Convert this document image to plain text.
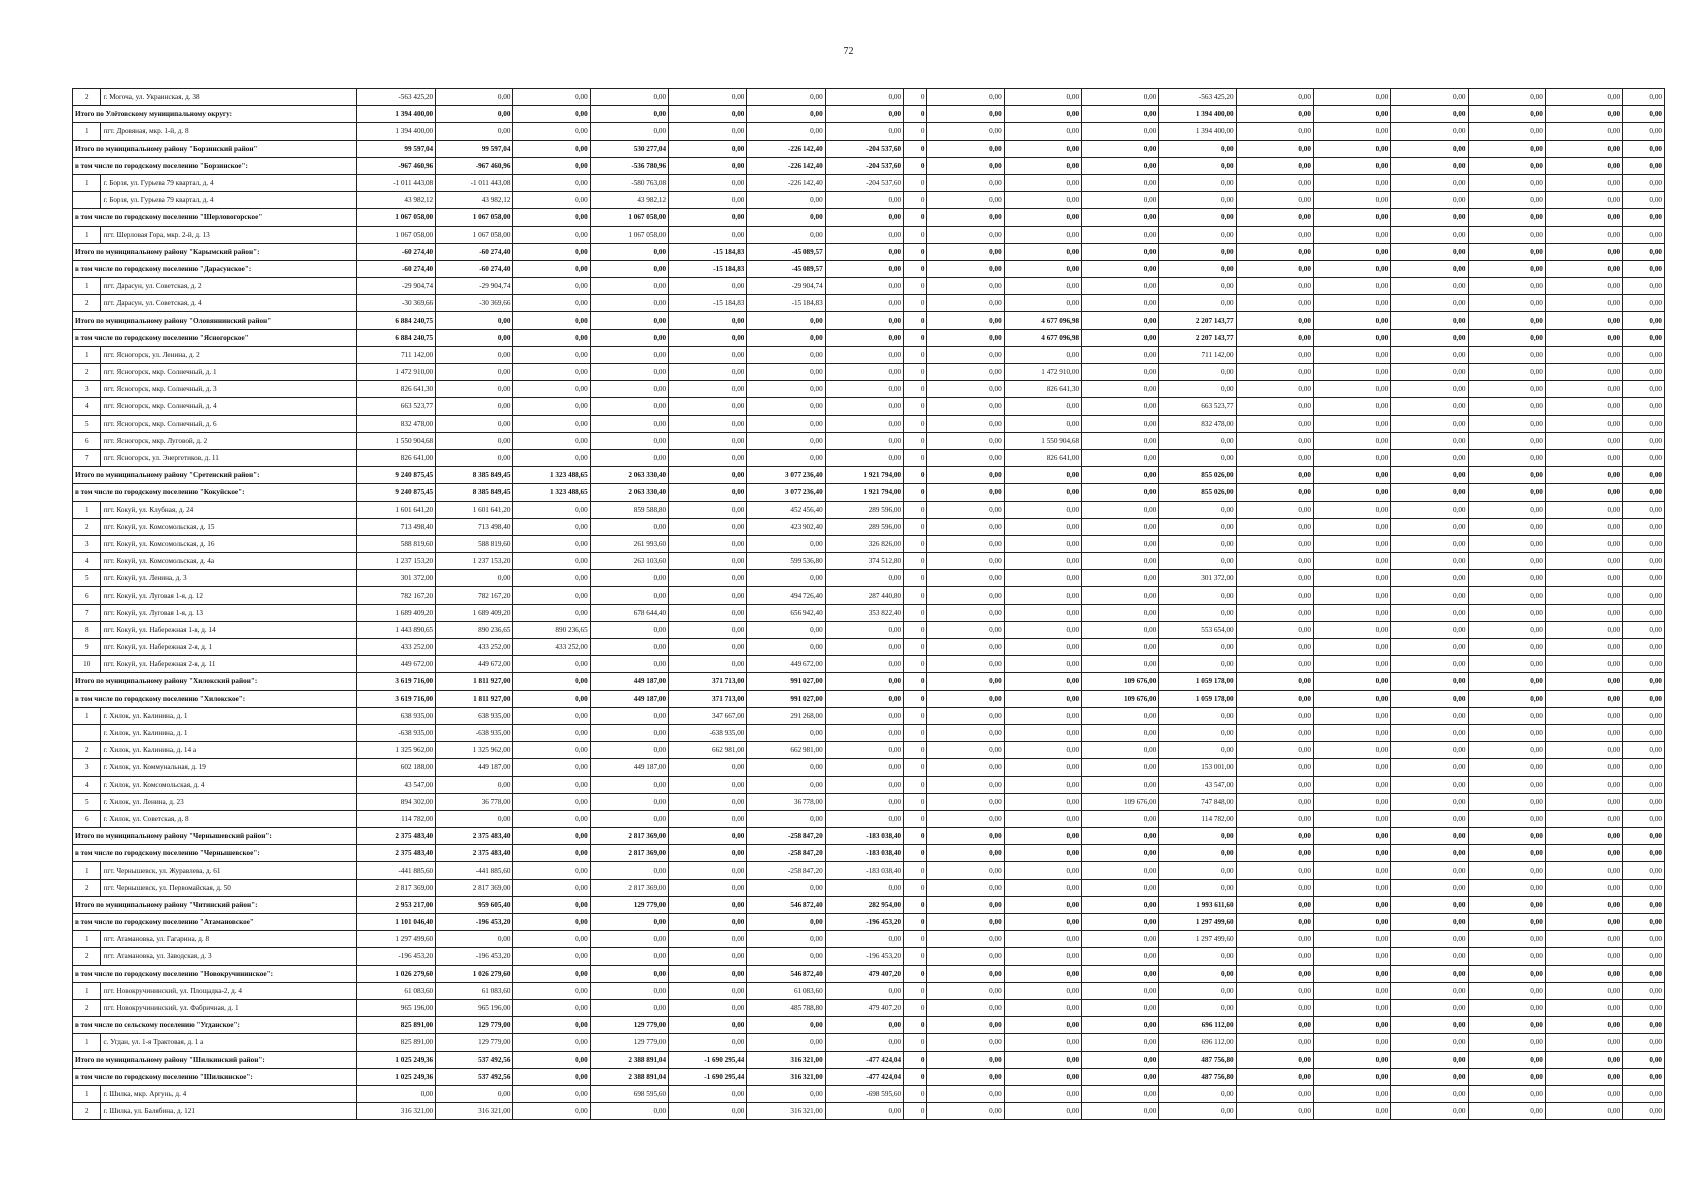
72
2	г. Могоча, ул. Украинская, д. 38	-563 425,20	0,00	0,00	0,00	0,00	0,00	0,00	0	0,00	0,00	0,00	-563 425,20	0,00	0,00	0,00	0,00	0,00	0,00
Итого по Улётовскому муниципальному округу:		1 394 400,00	0,00	0,00	0,00	0,00	0,00	0,00	0	0,00	0,00	0,00	1 394 400,00	0,00	0,00	0,00	0,00	0,00	0,00
1	пгт. Дровяная, мкр. 1-й, д. 8	1 394 400,00	0,00	0,00	0,00	0,00	0,00	0,00	0	0,00	0,00	0,00	1 394 400,00	0,00	0,00	0,00	0,00	0,00	0,00
Итого по муниципальному району "Борзинский район"		99 597,04	99 597,04	0,00	530 277,04	0,00	-226 142,40	-204 537,60	0	0,00	0,00	0,00	0,00	0,00	0,00	0,00	0,00	0,00	0,00
в том числе по городскому поселению "Борзинское":		-967 460,96	-967 460,96	0,00	-536 780,96	0,00	-226 142,40	-204 537,60	0	0,00	0,00	0,00	0,00	0,00	0,00	0,00	0,00	0,00	0,00
1	г. Борзя, ул. Гурьева 79 квартал, д. 4	-1 011 443,08	-1 011 443,08	0,00	-580 763,08	0,00	-226 142,40	-204 537,60	0	0,00	0,00	0,00	0,00	0,00	0,00	0,00	0,00	0,00	0,00
	г. Борзя, ул. Гурьева 79 квартал, д. 4	43 982,12	43 982,12	0,00	43 982,12	0,00	0,00	0,00	0	0,00	0,00	0,00	0,00	0,00	0,00	0,00	0,00	0,00	0,00
в том числе по городскому поселению "Шерловогорское"		1 067 058,00	1 067 058,00	0,00	1 067 058,00	0,00	0,00	0,00	0	0,00	0,00	0,00	0,00	0,00	0,00	0,00	0,00	0,00	0,00
1	пгт. Шерловая Гора, мкр. 2-й, д. 13	1 067 058,00	1 067 058,00	0,00	1 067 058,00	0,00	0,00	0,00	0	0,00	0,00	0,00	0,00	0,00	0,00	0,00	0,00	0,00	0,00
Итого по муниципальному району "Карымский район":		-60 274,40	-60 274,40	0,00	0,00	-15 184,83	-45 089,57	0,00	0	0,00	0,00	0,00	0,00	0,00	0,00	0,00	0,00	0,00	0,00
в том числе по городскому поселению "Дарасунское":		-60 274,40	-60 274,40	0,00	0,00	-15 184,83	-45 089,57	0,00	0	0,00	0,00	0,00	0,00	0,00	0,00	0,00	0,00	0,00	0,00
1	пгт. Дарасун, ул. Советская, д. 2	-29 904,74	-29 904,74	0,00	0,00	0,00	-29 904,74	0,00	0	0,00	0,00	0,00	0,00	0,00	0,00	0,00	0,00	0,00	0,00
2	пгт. Дарасун, ул. Советская, д. 4	-30 369,66	-30 369,66	0,00	0,00	-15 184,83	-15 184,83	0,00	0	0,00	0,00	0,00	0,00	0,00	0,00	0,00	0,00	0,00	0,00
Итого по муниципальному району "Оловяннинский район"		6 884 240,75	0,00	0,00	0,00	0,00	0,00	0,00	0	0,00	4 677 096,98	0,00	2 207 143,77	0,00	0,00	0,00	0,00	0,00	0,00
в том числе по городскому поселению "Ясногорское"		6 884 240,75	0,00	0,00	0,00	0,00	0,00	0,00	0	0,00	4 677 096,98	0,00	2 207 143,77	0,00	0,00	0,00	0,00	0,00	0,00
1	пгт. Ясногорск, ул. Ленина, д. 2	711 142,00	0,00	0,00	0,00	0,00	0,00	0,00	0	0,00	0,00	0,00	711 142,00	0,00	0,00	0,00	0,00	0,00	0,00
2	пгт. Ясногорск, мкр. Солнечный, д. 1	1 472 910,00	0,00	0,00	0,00	0,00	0,00	0,00	0	0,00	1 472 910,00	0,00	0,00	0,00	0,00	0,00	0,00	0,00	0,00
3	пгт. Ясногорск, мкр. Солнечный, д. 3	826 641,30	0,00	0,00	0,00	0,00	0,00	0,00	0	0,00	826 641,30	0,00	0,00	0,00	0,00	0,00	0,00	0,00	0,00
4	пгт. Ясногорск, мкр. Солнечный, д. 4	663 523,77	0,00	0,00	0,00	0,00	0,00	0,00	0	0,00	0,00	0,00	663 523,77	0,00	0,00	0,00	0,00	0,00	0,00
5	пгт. Ясногорск, мкр. Солнечный, д. 6	832 478,00	0,00	0,00	0,00	0,00	0,00	0,00	0	0,00	0,00	0,00	832 478,00	0,00	0,00	0,00	0,00	0,00	0,00
6	пгт. Ясногорск, мкр. Луговой, д. 2	1 550 904,68	0,00	0,00	0,00	0,00	0,00	0,00	0	0,00	1 550 904,68	0,00	0,00	0,00	0,00	0,00	0,00	0,00	0,00
7	пгт. Ясногорск, ул. Энергетиков, д. 11	826 641,00	0,00	0,00	0,00	0,00	0,00	0,00	0	0,00	826 641,00	0,00	0,00	0,00	0,00	0,00	0,00	0,00	0,00
Итого по муниципальному району "Сретенский район":		9 240 875,45	8 385 849,45	1 323 488,65	2 063 330,40	0,00	3 077 236,40	1 921 794,00	0	0,00	0,00	0,00	855 026,00	0,00	0,00	0,00	0,00	0,00	0,00
в том числе по городскому поселению "Кокуйское":		9 240 875,45	8 385 849,45	1 323 488,65	2 063 330,40	0,00	3 077 236,40	1 921 794,00	0	0,00	0,00	0,00	855 026,00	0,00	0,00	0,00	0,00	0,00	0,00
1	пгт. Кокуй, ул. Клубная, д. 24	1 601 641,20	1 601 641,20	0,00	859 588,80	0,00	452 456,40	289 596,00	0	0,00	0,00	0,00	0,00	0,00	0,00	0,00	0,00	0,00	0,00
2	пгт. Кокуй, ул. Комсомольская, д. 15	713 498,40	713 498,40	0,00	0,00	0,00	423 902,40	289 596,00	0	0,00	0,00	0,00	0,00	0,00	0,00	0,00	0,00	0,00	0,00
3	пгт. Кокуй, ул. Комсомольская, д. 16	588 819,60	588 819,60	0,00	261 993,60	0,00	0,00	326 826,00	0	0,00	0,00	0,00	0,00	0,00	0,00	0,00	0,00	0,00	0,00
4	пгт. Кокуй, ул. Комсомольская, д. 4а	1 237 153,20	1 237 153,20	0,00	263 103,60	0,00	599 536,80	374 512,80	0	0,00	0,00	0,00	0,00	0,00	0,00	0,00	0,00	0,00	0,00
5	пгт. Кокуй, ул. Ленина, д. 3	301 372,00	0,00	0,00	0,00	0,00	0,00	0,00	0	0,00	0,00	0,00	301 372,00	0,00	0,00	0,00	0,00	0,00	0,00
6	пгт. Кокуй, ул. Луговая 1-я, д. 12	782 167,20	782 167,20	0,00	0,00	0,00	494 726,40	287 440,80	0	0,00	0,00	0,00	0,00	0,00	0,00	0,00	0,00	0,00	0,00
7	пгт. Кокуй, ул. Луговая 1-я, д. 13	1 689 409,20	1 689 409,20	0,00	678 644,40	0,00	656 942,40	353 822,40	0	0,00	0,00	0,00	0,00	0,00	0,00	0,00	0,00	0,00	0,00
8	пгт. Кокуй, ул. Набережная 1-я, д. 14	1 443 890,65	890 236,65	890 236,65	0,00	0,00	0,00	0,00	0	0,00	0,00	0,00	553 654,00	0,00	0,00	0,00	0,00	0,00	0,00
9	пгт. Кокуй, ул. Набережная 2-я, д. 1	433 252,00	433 252,00	433 252,00	0,00	0,00	0,00	0,00	0	0,00	0,00	0,00	0,00	0,00	0,00	0,00	0,00	0,00	0,00
10	пгт. Кокуй, ул. Набережная 2-я, д. 11	449 672,00	449 672,00	0,00	0,00	0,00	449 672,00	0,00	0	0,00	0,00	0,00	0,00	0,00	0,00	0,00	0,00	0,00	0,00
Итого по муниципальному району "Хилокский район":		3 619 716,00	1 811 927,00	0,00	449 187,00	371 713,00	991 027,00	0,00	0	0,00	0,00	109 676,00	1 059 178,00	0,00	0,00	0,00	0,00	0,00	0,00
в том числе по городскому поселению "Хилокское":		3 619 716,00	1 811 927,00	0,00	449 187,00	371 713,00	991 027,00	0,00	0	0,00	0,00	109 676,00	1 059 178,00	0,00	0,00	0,00	0,00	0,00	0,00
1	г. Хилок, ул. Калинина, д. 1	638 935,00	638 935,00	0,00	0,00	347 667,00	291 268,00	0,00	0	0,00	0,00	0,00	0,00	0,00	0,00	0,00	0,00	0,00	0,00
	г. Хилок, ул. Калинина, д. 1	-638 935,00	-638 935,00	0,00	0,00	-638 935,00	0,00	0,00	0	0,00	0,00	0,00	0,00	0,00	0,00	0,00	0,00	0,00	0,00
2	г. Хилок, ул. Калинина, д. 14 а	1 325 962,00	1 325 962,00	0,00	0,00	662 981,00	662 981,00	0,00	0	0,00	0,00	0,00	0,00	0,00	0,00	0,00	0,00	0,00	0,00
3	г. Хилок, ул. Коммунальная, д. 19	602 188,00	449 187,00	0,00	449 187,00	0,00	0,00	0,00	0	0,00	0,00	0,00	153 001,00	0,00	0,00	0,00	0,00	0,00	0,00
4	г. Хилок, ул. Комсомольская, д. 4	43 547,00	0,00	0,00	0,00	0,00	0,00	0,00	0	0,00	0,00	0,00	43 547,00	0,00	0,00	0,00	0,00	0,00	0,00
5	г. Хилок, ул. Ленина, д. 23	894 302,00	36 778,00	0,00	0,00	0,00	36 778,00	0,00	0	0,00	0,00	109 676,00	747 848,00	0,00	0,00	0,00	0,00	0,00	0,00
6	г. Хилок, ул. Советская, д. 8	114 782,00	0,00	0,00	0,00	0,00	0,00	0,00	0	0,00	0,00	0,00	114 782,00	0,00	0,00	0,00	0,00	0,00	0,00
Итого по муниципальному району "Чернышевский район":		2 375 483,40	2 375 483,40	0,00	2 817 369,00	0,00	-258 847,20	-183 038,40	0	0,00	0,00	0,00	0,00	0,00	0,00	0,00	0,00	0,00	0,00
в том числе по городскому поселению "Чернышевское":		2 375 483,40	2 375 483,40	0,00	2 817 369,00	0,00	-258 847,20	-183 038,40	0	0,00	0,00	0,00	0,00	0,00	0,00	0,00	0,00	0,00	0,00
1	пгт. Чернышевск, ул. Журавлева, д. 61	-441 885,60	-441 885,60	0,00	0,00	0,00	-258 847,20	-183 038,40	0	0,00	0,00	0,00	0,00	0,00	0,00	0,00	0,00	0,00	0,00
2	пгт. Чернышевск, ул. Первомайская, д. 50	2 817 369,00	2 817 369,00	0,00	2 817 369,00	0,00	0,00	0,00	0	0,00	0,00	0,00	0,00	0,00	0,00	0,00	0,00	0,00	0,00
Итого по муниципальному району "Читинский район":		2 953 217,00	959 605,40	0,00	129 779,00	0,00	546 872,40	282 954,00	0	0,00	0,00	0,00	1 993 611,60	0,00	0,00	0,00	0,00	0,00	0,00
в том числе по городскому поселению "Атамановское"		1 101 046,40	-196 453,20	0,00	0,00	0,00	0,00	-196 453,20	0	0,00	0,00	0,00	1 297 499,60	0,00	0,00	0,00	0,00	0,00	0,00
1	пгт. Атамановка, ул. Гагарина, д. 8	1 297 499,60	0,00	0,00	0,00	0,00	0,00	0,00	0	0,00	0,00	0,00	1 297 499,60	0,00	0,00	0,00	0,00	0,00	0,00
2	пгт. Атамановка, ул. Заводская, д. 3	-196 453,20	-196 453,20	0,00	0,00	0,00	0,00	-196 453,20	0	0,00	0,00	0,00	0,00	0,00	0,00	0,00	0,00	0,00	0,00
в том числе по городскому поселению "Новокручининское":		1 026 279,60	1 026 279,60	0,00	0,00	0,00	546 872,40	479 407,20	0	0,00	0,00	0,00	0,00	0,00	0,00	0,00	0,00	0,00	0,00
1	пгт. Новокручининский, ул. Площадка-2, д. 4	61 083,60	61 083,60	0,00	0,00	0,00	61 083,60	0,00	0	0,00	0,00	0,00	0,00	0,00	0,00	0,00	0,00	0,00	0,00
2	пгт. Новокручининский, ул. Фабричная, д. 1	965 196,00	965 196,00	0,00	0,00	0,00	485 788,80	479 407,20	0	0,00	0,00	0,00	0,00	0,00	0,00	0,00	0,00	0,00	0,00
в том числе по сельскому поселению "Угданское":		825 891,00	129 779,00	0,00	129 779,00	0,00	0,00	0,00	0	0,00	0,00	0,00	696 112,00	0,00	0,00	0,00	0,00	0,00	0,00
1	с. Угдан, ул. 1-я Трактовая, д. 1 а	825 891,00	129 779,00	0,00	129 779,00	0,00	0,00	0,00	0	0,00	0,00	0,00	696 112,00	0,00	0,00	0,00	0,00	0,00	0,00
Итого по муниципальному району "Шилкинский район":		1 025 249,36	537 492,56	0,00	2 388 891,04	-1 690 295,44	316 321,00	-477 424,04	0	0,00	0,00	0,00	487 756,80	0,00	0,00	0,00	0,00	0,00	0,00
в том числе по городскому поселению "Шилкинское":		1 025 249,36	537 492,56	0,00	2 388 891,04	-1 690 295,44	316 321,00	-477 424,04	0	0,00	0,00	0,00	487 756,80	0,00	0,00	0,00	0,00	0,00	0,00
1	г. Шилка, мкр. Аргунь, д. 4	0,00	0,00	0,00	698 595,60	0,00	0,00	-698 595,60	0	0,00	0,00	0,00	0,00	0,00	0,00	0,00	0,00	0,00	0,00
2	г. Шилка, ул. Балябина, д. 121	316 321,00	316 321,00	0,00	0,00	0,00	316 321,00	0,00	0	0,00	0,00	0,00	0,00	0,00	0,00	0,00	0,00	0,00	0,00
